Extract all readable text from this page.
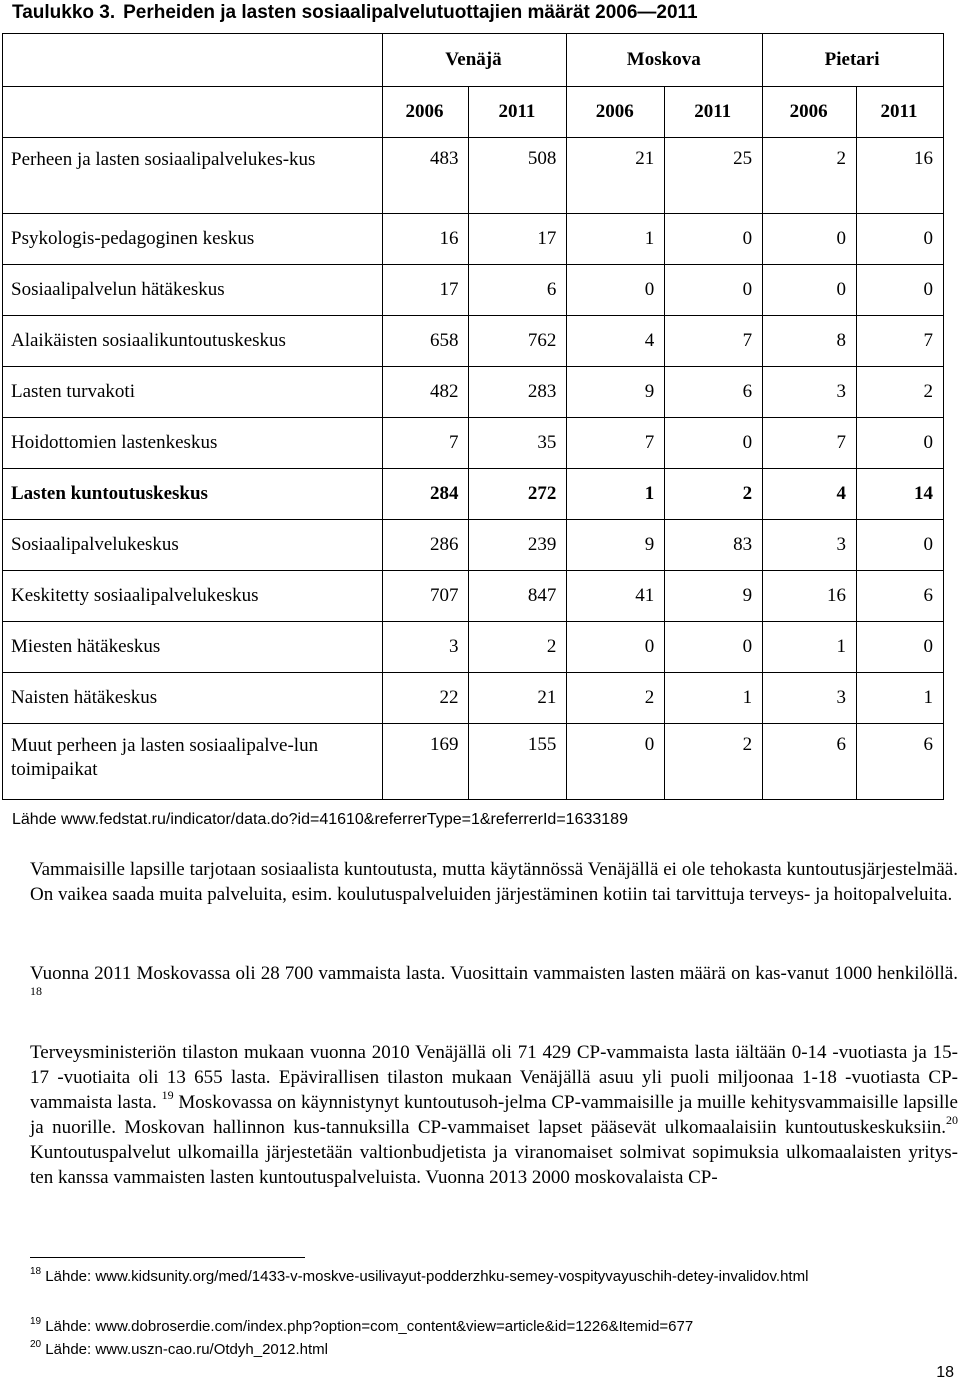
Taulukko 3. Perheiden ja lasten sosiaalipalvelutuottajien määrät 2006—2011
	Venäjä		Moskova		Pietari	
	2006	2011	2006	2011	2006	2011
Perheen ja lasten sosiaalipalvelukes-kus	483	508	21	25	2	16
Psykologis-pedagoginen keskus	16	17	1	0	0	0
Sosiaalipalvelun hätäkeskus	17	6	0	0	0	0
Alaikäisten sosiaalikuntoutuskeskus	658	762	4	7	8	7
Lasten turvakoti	482	283	9	6	3	2
Hoidottomien lastenkeskus	7	35	7	0	7	0
Lasten kuntoutuskeskus	284	272	1	2	4	14
Sosiaalipalvelukeskus	286	239	9	83	3	0
Keskitetty sosiaalipalvelukeskus	707	847	41	9	16	6
Miesten hätäkeskus	3	2	0	0	1	0
Naisten hätäkeskus	22	21	2	1	3	1
Muut perheen ja lasten sosiaalipalve-lun toimipaikat	169	155	0	2	6	6
Lähde www.fedstat.ru/indicator/data.do?id=41610&referrerType=1&referrerId=1633189

Vammaisille lapsille tarjotaan sosiaalista kuntoutusta, mutta käytännössä Venäjällä ei ole tehokasta kuntoutusjärjestelmää. On vaikea saada muita palveluita, esim. koulutuspalveluiden järjestäminen kotiin tai tarvittuja terveys- ja hoitopalveluita.

Vuonna 2011 Moskovassa oli 28 700 vammaista lasta. Vuosittain vammaisten lasten määrä on kas-vanut 1000 henkilöllä. $^{18}$

Terveysministeriön tilaston mukaan vuonna 2010 Venäjällä oli 71 429 CP-vammaista lasta iältään 0-14 -vuotiasta ja 15-17 -vuotiaita oli 13 655 lasta. Epävirallisen tilaston mukaan Venäjällä asuu yli puoli miljoonaa 1-18 -vuotiasta CP-vammaista lasta. $^{19}$ Moskovassa on käynnistynyt kuntoutusoh-jelma CP-vammaisille ja muille kehitysvammaisille lapsille ja nuorille. Moskovan hallinnon kus-tannuksilla CP-vammaiset lapset pääsevät ulkomaalaisiin kuntoutuskeskuksiin.$^{20}$ Kuntoutuspalvelut ulkomailla järjestetään valtionbudjetista ja viranomaiset solmivat sopimuksia ulkomaalaisten yritys-ten kanssa vammaisten lasten kuntoutuspalveluista. Vuonna 2013 2000 moskovalaista CP-

$^{18}$ Lähde: www.kidsunity.org/med/1433-v-moskve-usilivayut-podderzhku-semey-vospityvayuschih-detey-invalidov.html
$^{19}$ Lähde: www.dobroserdie.com/index.php?option=com_content&view=article&id=1226&Itemid=677
$^{20}$ Lähde: www.uszn-cao.ru/Otdyh_2012.html
18
